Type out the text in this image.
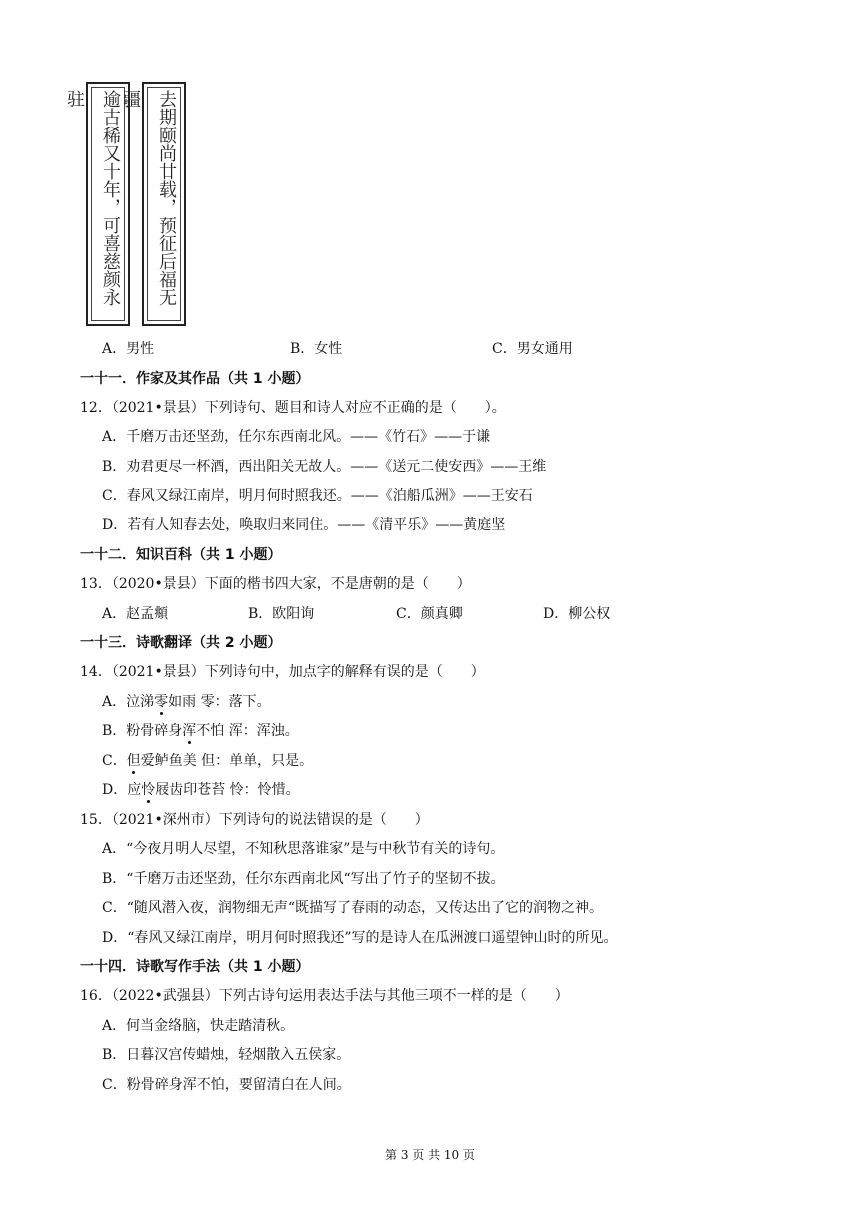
逾古稀又十年，可喜慈颜永驻	去期颐尚廿载，预征后福无疆
A．男性	B．女性	C．男女通用
一十一．作家及其作品（共 1 小题）
12．（2021•景县）下列诗句、题目和诗人对应不正确的是（　　）。
A．千磨万击还坚劲，任尔东西南北风。——《竹石》——于谦
B．劝君更尽一杯酒，西出阳关无故人。——《送元二使安西》——王维
C．春风又绿江南岸，明月何时照我还。——《泊船瓜洲》——王安石
D．若有人知春去处，唤取归来同住。——《清平乐》——黄庭坚
一十二．知识百科（共 1 小题）
13．（2020•景县）下面的楷书四大家，不是唐朝的是（　　）
A．赵孟頫	B．欧阳询	C．颜真卿	D．柳公权
一十三．诗歌翻译（共 2 小题）
14．（2021•景县）下列诗句中，加点字的解释有误的是（　　）
A．泣涕零如雨 零：落下。
B．粉骨碎身浑不怕 浑：浑浊。
C．但爱鲈鱼美 但：单单，只是。
D．应怜屐齿印苍苔 怜：怜惜。
15．（2021•深州市）下列诗句的说法错误的是（　　）
A．“今夜月明人尽望，不知秋思落谁家”是与中秋节有关的诗句。
B．“千磨万击还坚劲，任尔东西南北风“写出了竹子的坚韧不拔。
C．“随风潜入夜，润物细无声“既描写了春雨的动态，又传达出了它的润物之神。
D．“春风又绿江南岸，明月何时照我还”写的是诗人在瓜洲渡口遥望钟山时的所见。
一十四．诗歌写作手法（共 1 小题）
16．（2022•武强县）下列古诗句运用表达手法与其他三项不一样的是（　　）
A．何当金络脑，快走踏清秋。
B．日暮汉宫传蜡烛，轻烟散入五侯家。
C．粉骨碎身浑不怕，要留清白在人间。
第 3 页 共 10 页
